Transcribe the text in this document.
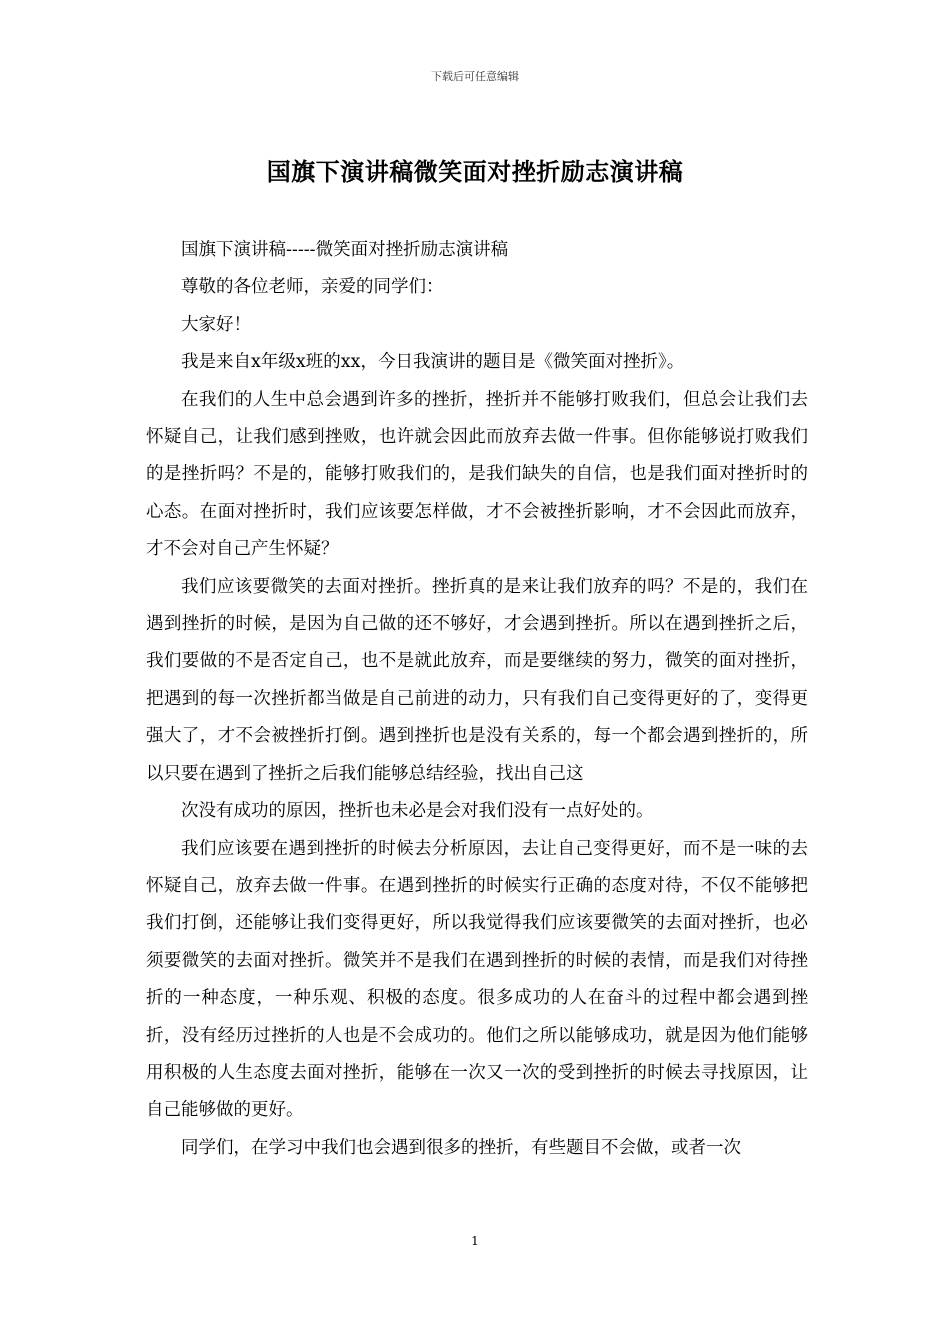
下载后可任意编辑
国旗下演讲稿微笑面对挫折励志演讲稿

国旗下演讲稿-----微笑面对挫折励志演讲稿

尊敬的各位老师，亲爱的同学们：

大家好！

我是来自x年级x班的xx，今日我演讲的题目是《微笑面对挫折》。

在我们的人生中总会遇到许多的挫折，挫折并不能够打败我们，但总会让我们去怀疑自己，让我们感到挫败，也许就会因此而放弃去做一件事。但你能够说打败我们的是挫折吗？不是的，能够打败我们的，是我们缺失的自信，也是我们面对挫折时的心态。在面对挫折时，我们应该要怎样做，才不会被挫折影响，才不会因此而放弃，才不会对自己产生怀疑？

我们应该要微笑的去面对挫折。挫折真的是来让我们放弃的吗？不是的，我们在遇到挫折的时候，是因为自己做的还不够好，才会遇到挫折。所以在遇到挫折之后，我们要做的不是否定自己，也不是就此放弃，而是要继续的努力，微笑的面对挫折，把遇到的每一次挫折都当做是自己前进的动力，只有我们自己变得更好的了，变得更强大了，才不会被挫折打倒。遇到挫折也是没有关系的，每一个都会遇到挫折的，所以只要在遇到了挫折之后我们能够总结经验，找出自己这

次没有成功的原因，挫折也未必是会对我们没有一点好处的。

我们应该要在遇到挫折的时候去分析原因，去让自己变得更好，而不是一味的去怀疑自己，放弃去做一件事。在遇到挫折的时候实行正确的态度对待，不仅不能够把我们打倒，还能够让我们变得更好，所以我觉得我们应该要微笑的去面对挫折，也必须要微笑的去面对挫折。微笑并不是我们在遇到挫折的时候的表情，而是我们对待挫折的一种态度，一种乐观、积极的态度。很多成功的人在奋斗的过程中都会遇到挫折，没有经历过挫折的人也是不会成功的。他们之所以能够成功，就是因为他们能够用积极的人生态度去面对挫折，能够在一次又一次的受到挫折的时候去寻找原因，让自己能够做的更好。

同学们，在学习中我们也会遇到很多的挫折，有些题目不会做，或者一次

1
